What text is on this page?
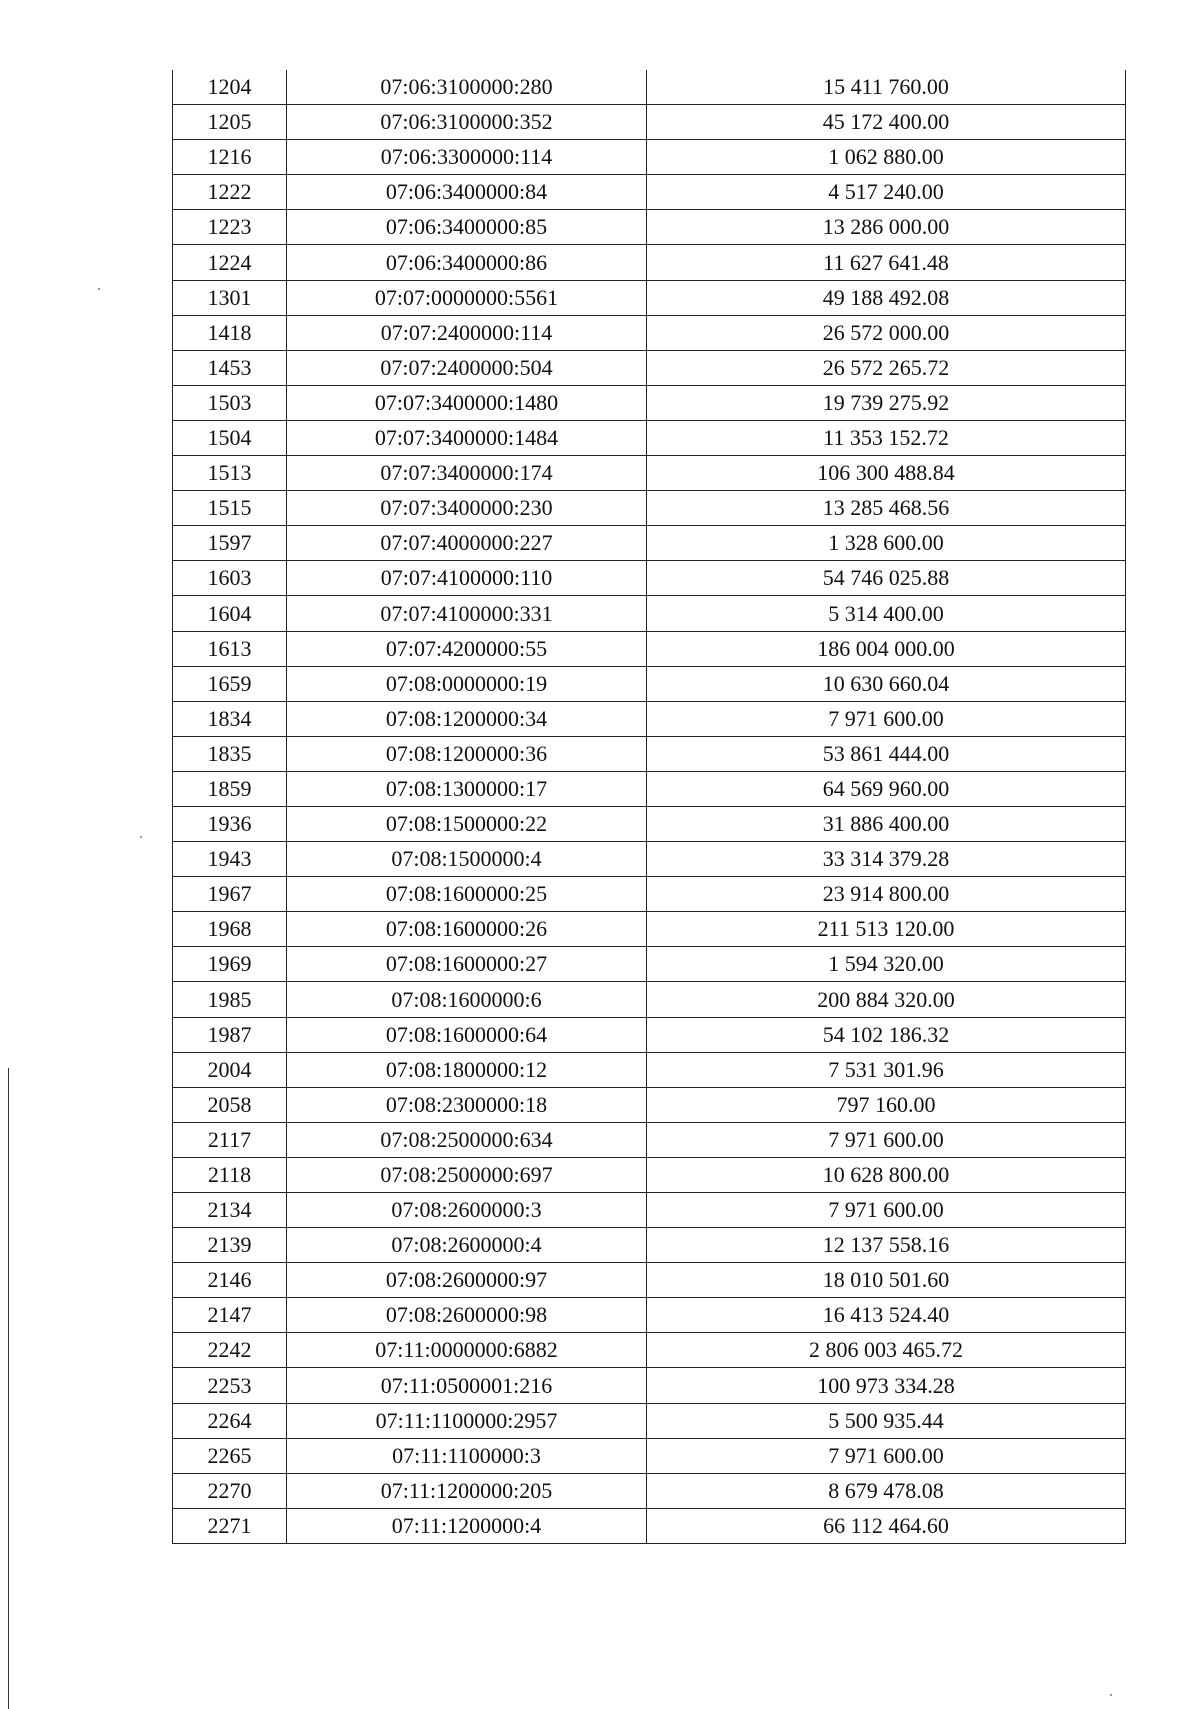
1204	07:06:3100000:280	15 411 760.00
1205	07:06:3100000:352	45 172 400.00
1216	07:06:3300000:114	1 062 880.00
1222	07:06:3400000:84	4 517 240.00
1223	07:06:3400000:85	13 286 000.00
1224	07:06:3400000:86	11 627 641.48
1301	07:07:0000000:5561	49 188 492.08
1418	07:07:2400000:114	26 572 000.00
1453	07:07:2400000:504	26 572 265.72
1503	07:07:3400000:1480	19 739 275.92
1504	07:07:3400000:1484	11 353 152.72
1513	07:07:3400000:174	106 300 488.84
1515	07:07:3400000:230	13 285 468.56
1597	07:07:4000000:227	1 328 600.00
1603	07:07:4100000:110	54 746 025.88
1604	07:07:4100000:331	5 314 400.00
1613	07:07:4200000:55	186 004 000.00
1659	07:08:0000000:19	10 630 660.04
1834	07:08:1200000:34	7 971 600.00
1835	07:08:1200000:36	53 861 444.00
1859	07:08:1300000:17	64 569 960.00
1936	07:08:1500000:22	31 886 400.00
1943	07:08:1500000:4	33 314 379.28
1967	07:08:1600000:25	23 914 800.00
1968	07:08:1600000:26	211 513 120.00
1969	07:08:1600000:27	1 594 320.00
1985	07:08:1600000:6	200 884 320.00
1987	07:08:1600000:64	54 102 186.32
2004	07:08:1800000:12	7 531 301.96
2058	07:08:2300000:18	797 160.00
2117	07:08:2500000:634	7 971 600.00
2118	07:08:2500000:697	10 628 800.00
2134	07:08:2600000:3	7 971 600.00
2139	07:08:2600000:4	12 137 558.16
2146	07:08:2600000:97	18 010 501.60
2147	07:08:2600000:98	16 413 524.40
2242	07:11:0000000:6882	2 806 003 465.72
2253	07:11:0500001:216	100 973 334.28
2264	07:11:1100000:2957	5 500 935.44
2265	07:11:1100000:3	7 971 600.00
2270	07:11:1200000:205	8 679 478.08
2271	07:11:1200000:4	66 112 464.60
